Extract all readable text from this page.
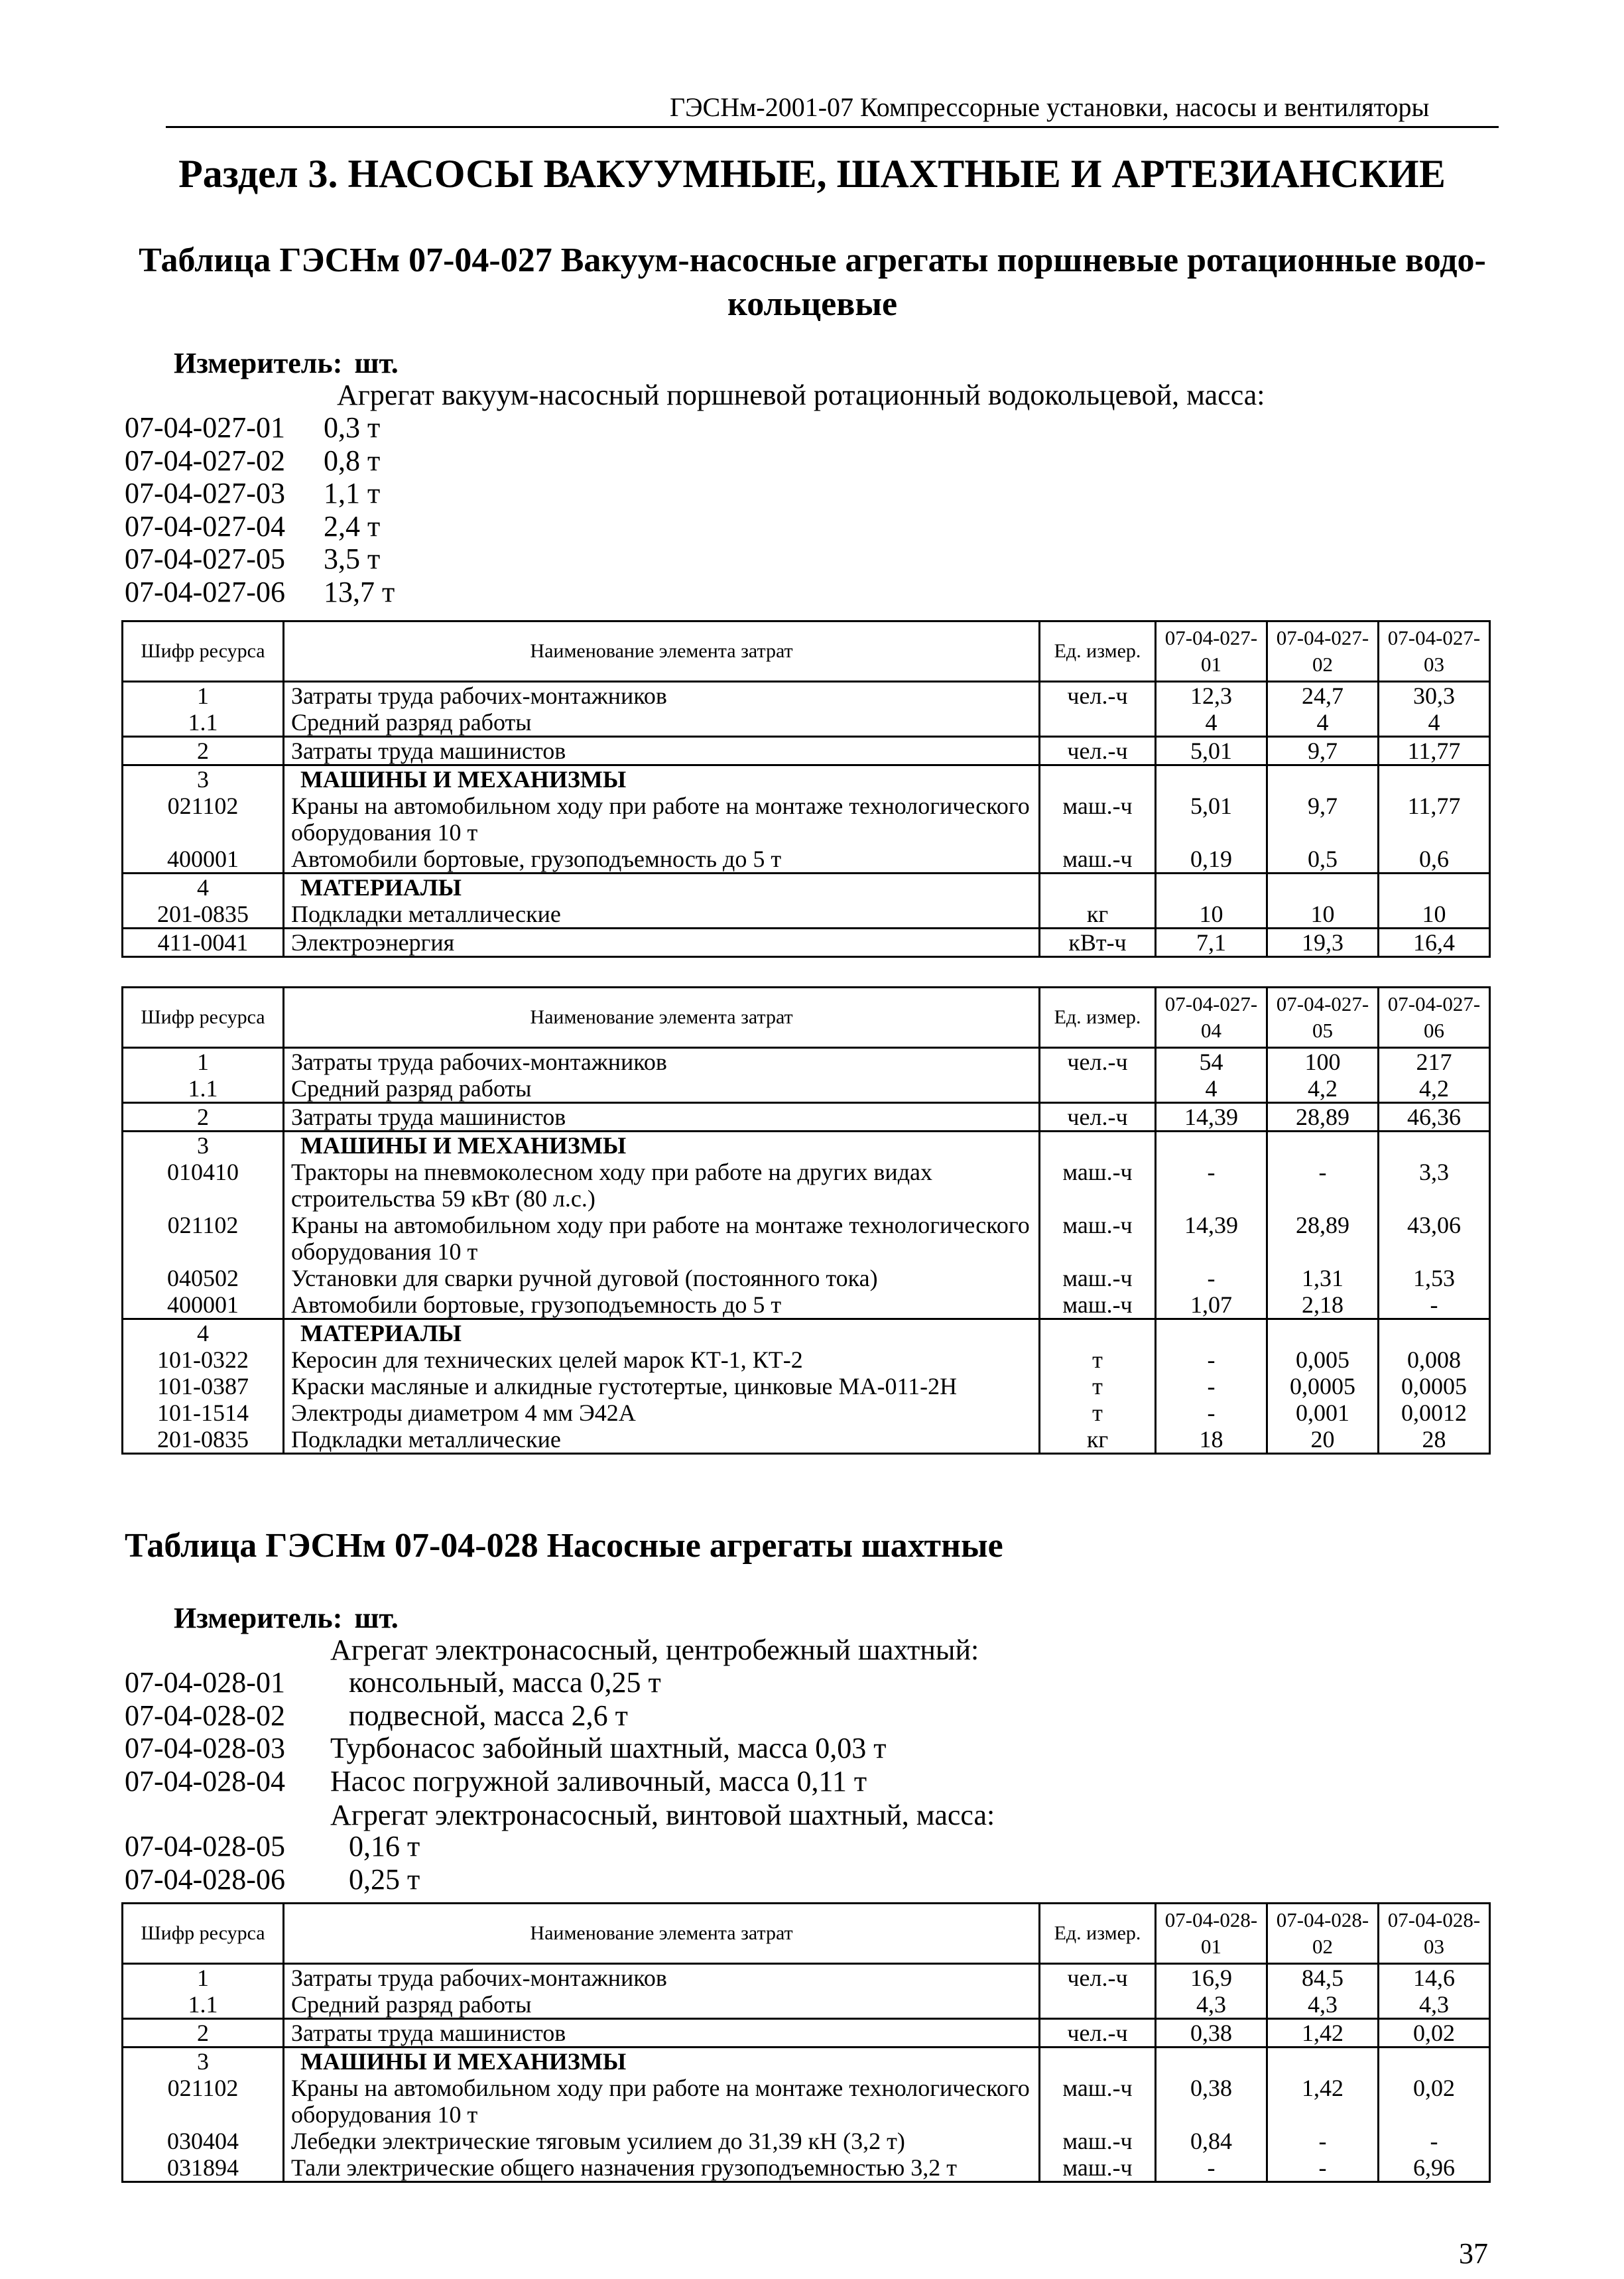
ГЭСНм-2001-07 Компрессорные установки, насосы и вентиляторы
Раздел 3. НАСОСЫ ВАКУУМНЫЕ, ШАХТНЫЕ И АРТЕЗИАНСКИЕ
Таблица ГЭСНм 07-04-027 Вакуум-насосные агрегаты поршневые ротационные водо-
кольцевые
Измеритель: шт.
Агрегат вакуум-насосный поршневой ротационный водокольцевой, масса:
07-04-027-01	0,3 т
07-04-027-02	0,8 т
07-04-027-03	1,1 т
07-04-027-04	2,4 т
07-04-027-05	3,5 т
07-04-027-06	13,7 т
Шифр ресурса	Наименование элемента затрат	Ед. измер.	07-04-027-01	07-04-027-02	07-04-027-03
1	Затраты труда рабочих-монтажников	чел.-ч	12,3	24,7	30,3
1.1	Средний разряд работы		4	4	4
2	Затраты труда машинистов	чел.-ч	5,01	9,7	11,77
3	МАШИНЫ И МЕХАНИЗМЫ				
021102	Краны на автомобильном ходу при работе на монтаже технологического оборудования 10 т	маш.-ч	5,01	9,7	11,77
400001	Автомобили бортовые, грузоподъемность до 5 т	маш.-ч	0,19	0,5	0,6
4	МАТЕРИАЛЫ				
201-0835	Подкладки металлические	кг	10	10	10
411-0041	Электроэнергия	кВт-ч	7,1	19,3	16,4
Шифр ресурса	Наименование элемента затрат	Ед. измер.	07-04-027-04	07-04-027-05	07-04-027-06
1	Затраты труда рабочих-монтажников	чел.-ч	54	100	217
1.1	Средний разряд работы		4	4,2	4,2
2	Затраты труда машинистов	чел.-ч	14,39	28,89	46,36
3	МАШИНЫ И МЕХАНИЗМЫ				
010410	Тракторы на пневмоколесном ходу при работе на других видах строительства 59 кВт (80 л.с.)	маш.-ч	-	-	3,3
021102	Краны на автомобильном ходу при работе на монтаже технологического оборудования 10 т	маш.-ч	14,39	28,89	43,06
040502	Установки для сварки ручной дуговой (постоянного тока)	маш.-ч	-	1,31	1,53
400001	Автомобили бортовые, грузоподъемность до 5 т	маш.-ч	1,07	2,18	-
4	МАТЕРИАЛЫ				
101-0322	Керосин для технических целей марок КТ-1, КТ-2	т	-	0,005	0,008
101-0387	Краски масляные и алкидные густотертые, цинковые МА-011-2Н	т	-	0,0005	0,0005
101-1514	Электроды диаметром 4 мм Э42А	т	-	0,001	0,0012
201-0835	Подкладки металлические	кг	18	20	28
Таблица ГЭСНм 07-04-028 Насосные агрегаты шахтные
Измеритель: шт.
Агрегат электронасосный, центробежный шахтный:
07-04-028-01	консольный, масса 0,25 т
07-04-028-02	подвесной, масса 2,6 т
07-04-028-03	Турбонасос забойный шахтный, масса 0,03 т
07-04-028-04	Насос погружной заливочный, масса 0,11 т
07-04-028-05	0,16 т
07-04-028-06	0,25 т
Агрегат электронасосный, винтовой шахтный, масса:
Шифр ресурса	Наименование элемента затрат	Ед. измер.	07-04-028-01	07-04-028-02	07-04-028-03
1	Затраты труда рабочих-монтажников	чел.-ч	16,9	84,5	14,6
1.1	Средний разряд работы		4,3	4,3	4,3
2	Затраты труда машинистов	чел.-ч	0,38	1,42	0,02
3	МАШИНЫ И МЕХАНИЗМЫ				
021102	Краны на автомобильном ходу при работе на монтаже технологического оборудования 10 т	маш.-ч	0,38	1,42	0,02
030404	Лебедки электрические тяговым усилием до 31,39 кН (3,2 т)	маш.-ч	0,84	-	-
031894	Тали электрические общего назначения грузоподъемностью 3,2 т	маш.-ч	-	-	6,96
37
